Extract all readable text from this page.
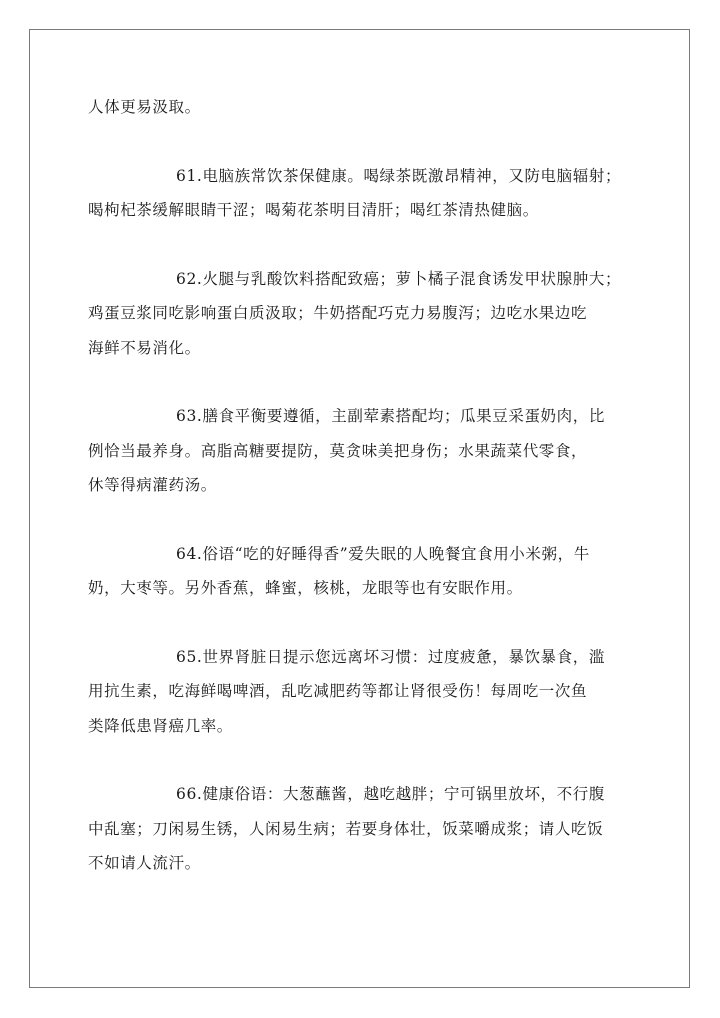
人体更易汲取。
61.电脑族常饮茶保健康。喝绿茶既激昂精神，又防电脑辐射；
喝枸杞茶缓解眼睛干涩；喝菊花茶明目清肝；喝红茶清热健脑。
62.火腿与乳酸饮料搭配致癌；萝卜橘子混食诱发甲状腺肿大；
鸡蛋豆浆同吃影响蛋白质汲取；牛奶搭配巧克力易腹泻；边吃水果边吃
海鲜不易消化。
63.膳食平衡要遵循，主副荤素搭配均；瓜果豆采蛋奶肉，比
例恰当最养身。高脂高糖要提防，莫贪味美把身伤；水果蔬菜代零食，
休等得病灌药汤。
64.俗语“吃的好睡得香”爱失眠的人晚餐宜食用小米粥，牛
奶，大枣等。另外香蕉，蜂蜜，核桃，龙眼等也有安眠作用。
65.世界肾脏日提示您远离坏习惯：过度疲惫，暴饮暴食，滥
用抗生素，吃海鲜喝啤酒，乱吃减肥药等都让肾很受伤！每周吃一次鱼
类降低患肾癌几率。
66.健康俗语：大葱蘸酱，越吃越胖；宁可锅里放坏，不行腹
中乱塞；刀闲易生锈，人闲易生病；若要身体壮，饭菜嚼成浆；请人吃饭
不如请人流汗。
